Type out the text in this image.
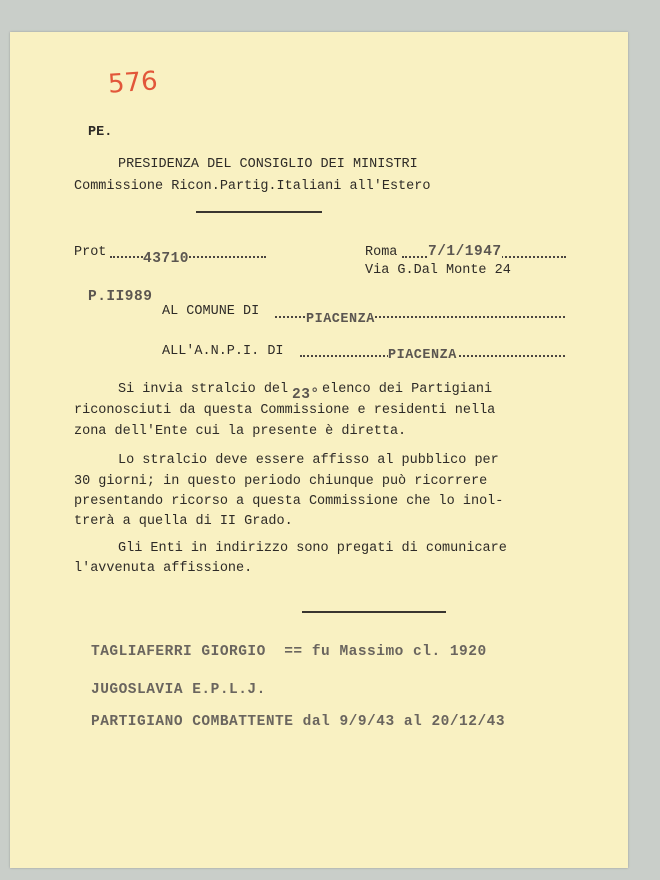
576
PE.
PRESIDENZA DEL CONSIGLIO DEI MINISTRI
Commissione Ricon.Partig.Italiani all'Estero
Prot	43710	Roma 7/1/1947
Via G.Dal Monte 24
P.II989
AL COMUNE DI
PIACENZA
ALL'A.N.P.I. DI	PIACENZA
Si invia stralcio del 23° elenco dei Partigiani
riconosciuti da questa Commissione e residenti nella
zona dell'Ente cui la presente è diretta.
Lo stralcio deve essere affisso al pubblico per
30 giorni; in questo periodo chiunque può ricorrere
presentando ricorso a questa Commissione che lo inol-
trerà a quella di II Grado.
Gli Enti in indirizzo sono pregati di comunicare
l'avvenuta affissione.
TAGLIAFERRI GIORGIO  == fu Massimo cl. 1920
JUGOSLAVIA E.P.L.J.
PARTIGIANO COMBATTENTE dal 9/9/43 al 20/12/43
